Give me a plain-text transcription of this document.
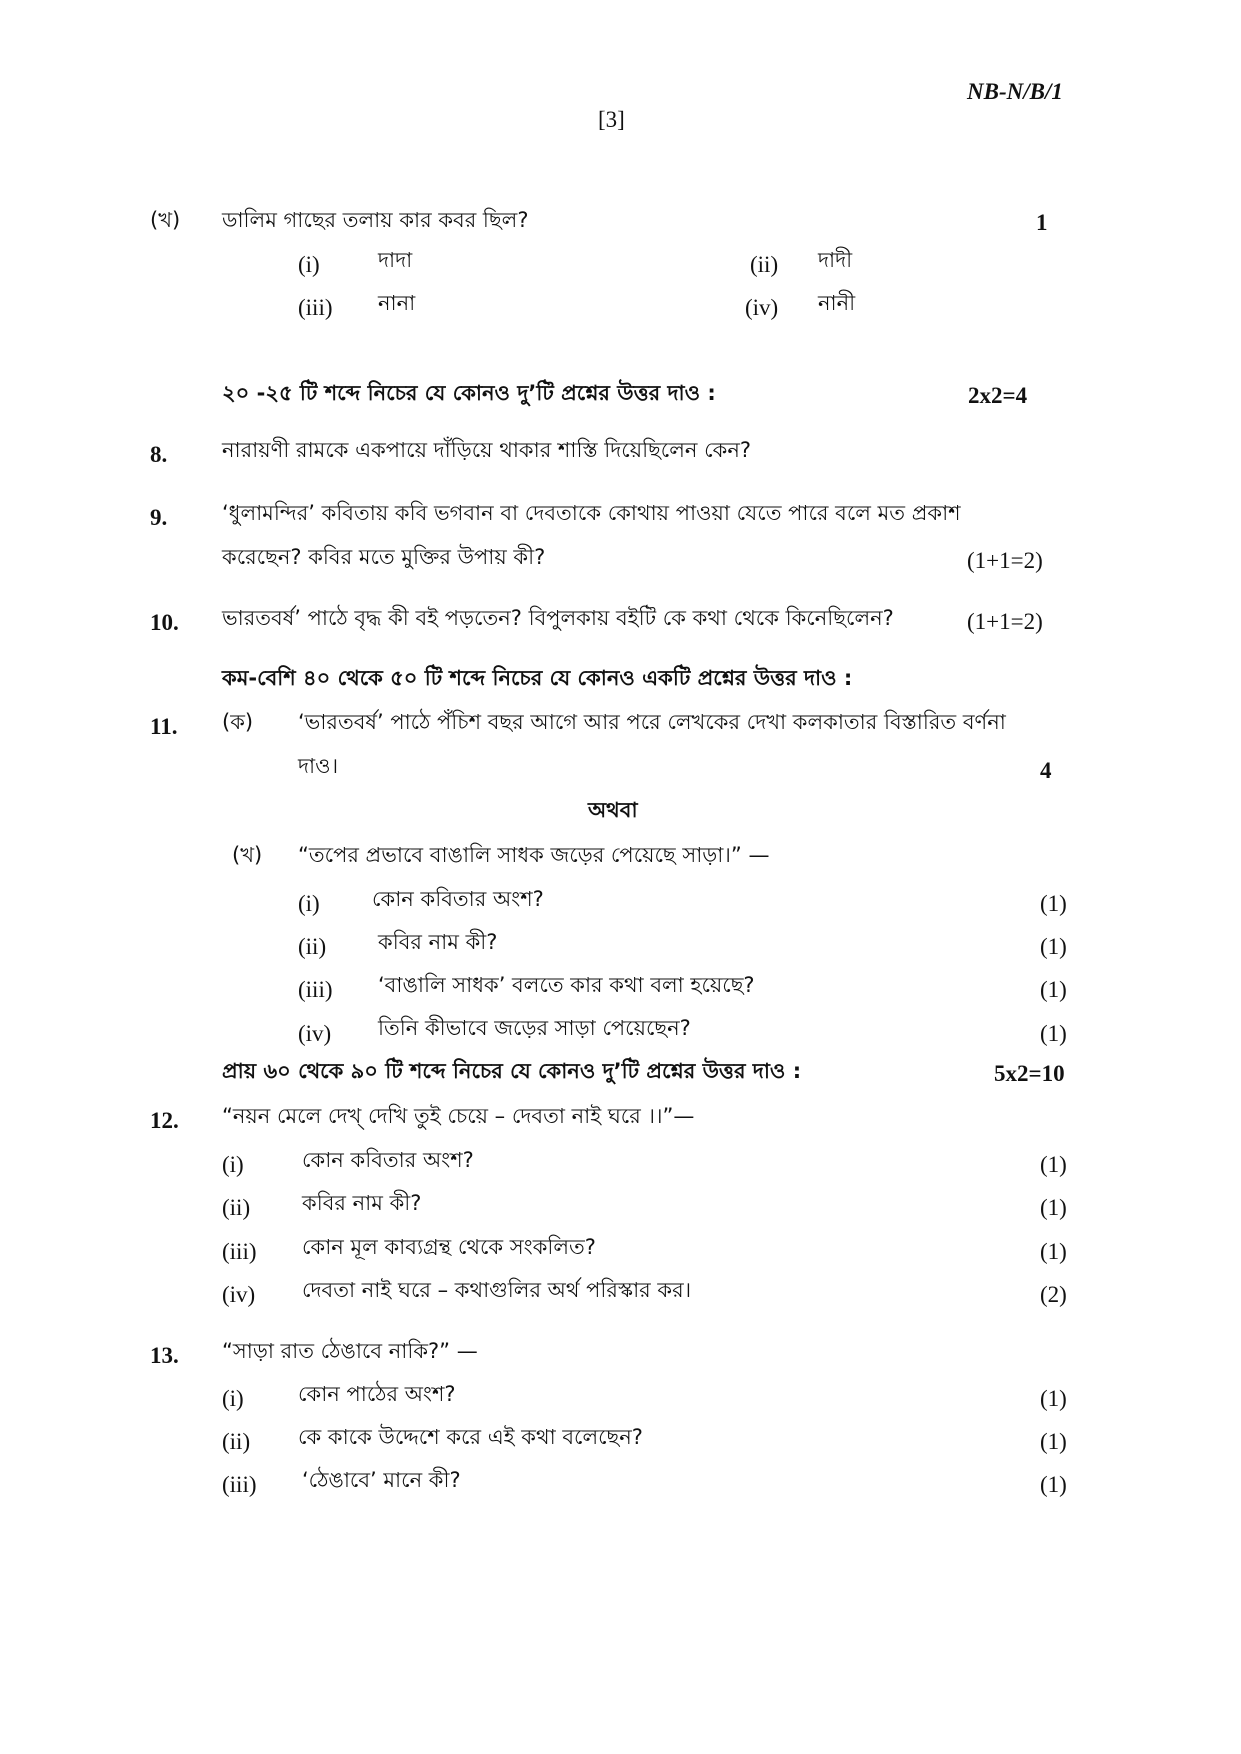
NB-N/B/1
[3]
(খ) ডালিম গাছের তলায় কার কবর ছিল?	1
(i)	দাদা	(ii) দাদী
(iii) নানা	(iv) নানী
২০ -২৫ টি শব্দে নিচের যে কোনও দু’টি প্রশ্নের উত্তর দাও :	2x2=4
8.	নারায়ণী রামকে একপায়ে দাঁড়িয়ে থাকার শাস্তি দিয়েছিলেন কেন?
9.	‘ধুলামন্দির’ কবিতায় কবি ভগবান বা দেবতাকে কোথায় পাওয়া যেতে পারে বলে মত প্রকাশ
করেছেন? কবির মতে মুক্তির উপায় কী?	(1+1=2)
10. ভারতবর্ষ’ পাঠে বৃদ্ধ কী বই পড়তেন? বিপুলকায় বইটি কে কথা থেকে কিনেছিলেন?	(1+1=2)
কম-বেশি ৪০ থেকে ৫০ টি শব্দে নিচের যে কোনও একটি প্রশ্নের উত্তর দাও :
11. (ক) ‘ভারতবর্ষ’ পাঠে পঁচিশ বছর আগে আর পরে লেখকের দেখা কলকাতার বিস্তারিত বর্ণনা
দাও।	4
অথবা
(খ) “তপের প্রভাবে বাঙালি সাধক জড়ের পেয়েছে সাড়া।” —
(i) কোন কবিতার অংশ?	(1)
(ii) কবির নাম কী?	(1)
(iii) ‘বাঙালি সাধক’ বলতে কার কথা বলা হয়েছে?	(1)
(iv) তিনি কীভাবে জড়ের সাড়া পেয়েছেন?	(1)
প্রায় ৬০ থেকে ৯০ টি শব্দে নিচের যে কোনও দু’টি প্রশ্নের উত্তর দাও :	5x2=10
12. “নয়ন মেলে দেখ্ দেখি তুই চেয়ে – দেবতা নাই ঘরে ।।”—
(i)	কোন কবিতার অংশ?	(1)
(ii) কবির নাম কী?	(1)
(iii) কোন মূল কাব্যগ্রন্থ থেকে সংকলিত?	(1)
(iv) দেবতা নাই ঘরে – কথাগুলির অর্থ পরিস্কার কর।	(2)
13. “সাড়া রাত ঠেঙাবে নাকি?” —
(i)	কোন পাঠের অংশ?	(1)
(ii) কে কাকে উদ্দেশে করে এই কথা বলেছেন?	(1)
(iii) ‘ঠেঙাবে’ মানে কী?	(1)
